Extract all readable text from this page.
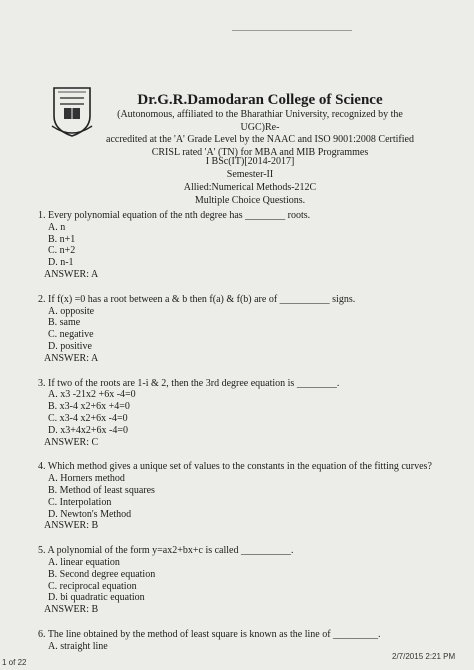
Dr.G.R.Damodaran College of Science
(Autonomous, affiliated to the Bharathiar University, recognized by the UGC)Re-
accredited at the 'A' Grade Level by the NAAC and ISO 9001:2008 Certified
CRISL rated 'A' (TN) for MBA and MIB Programmes
I BSc(IT)[2014-2017]
Semester-II
Allied:Numerical Methods-212C
Multiple Choice Questions.
1. Every polynomial equation of the nth degree has ________ roots.
A. n
B. n+1
C. n+2
D. n-1
ANSWER: A
2. If f(x) =0 has a root between a & b then f(a) & f(b) are of __________ signs.
A. opposite
B. same
C. negative
D. positive
ANSWER: A
3. If two of the roots are 1-i & 2, then the 3rd degree equation is ________.
A. x3 -21x2 +6x -4=0
B. x3-4 x2+6x +4=0
C. x3-4 x2+6x -4=0
D. x3+4x2+6x -4=0
ANSWER: C
4. Which method gives a unique set of values to the constants in the equation of the fitting curves?
A. Horners method
B. Method of least squares
C. Interpolation
D. Newton's Method
ANSWER: B
5. A polynomial of the form y=ax2+bx+c is called __________.
A. linear equation
B. Second degree equation
C. reciprocal equation
D. bi quadratic equation
ANSWER: B
6. The line obtained by the method of least square is known as the line of _________.
A. straight line
1 of 22
2/7/2015 2:21 PM
